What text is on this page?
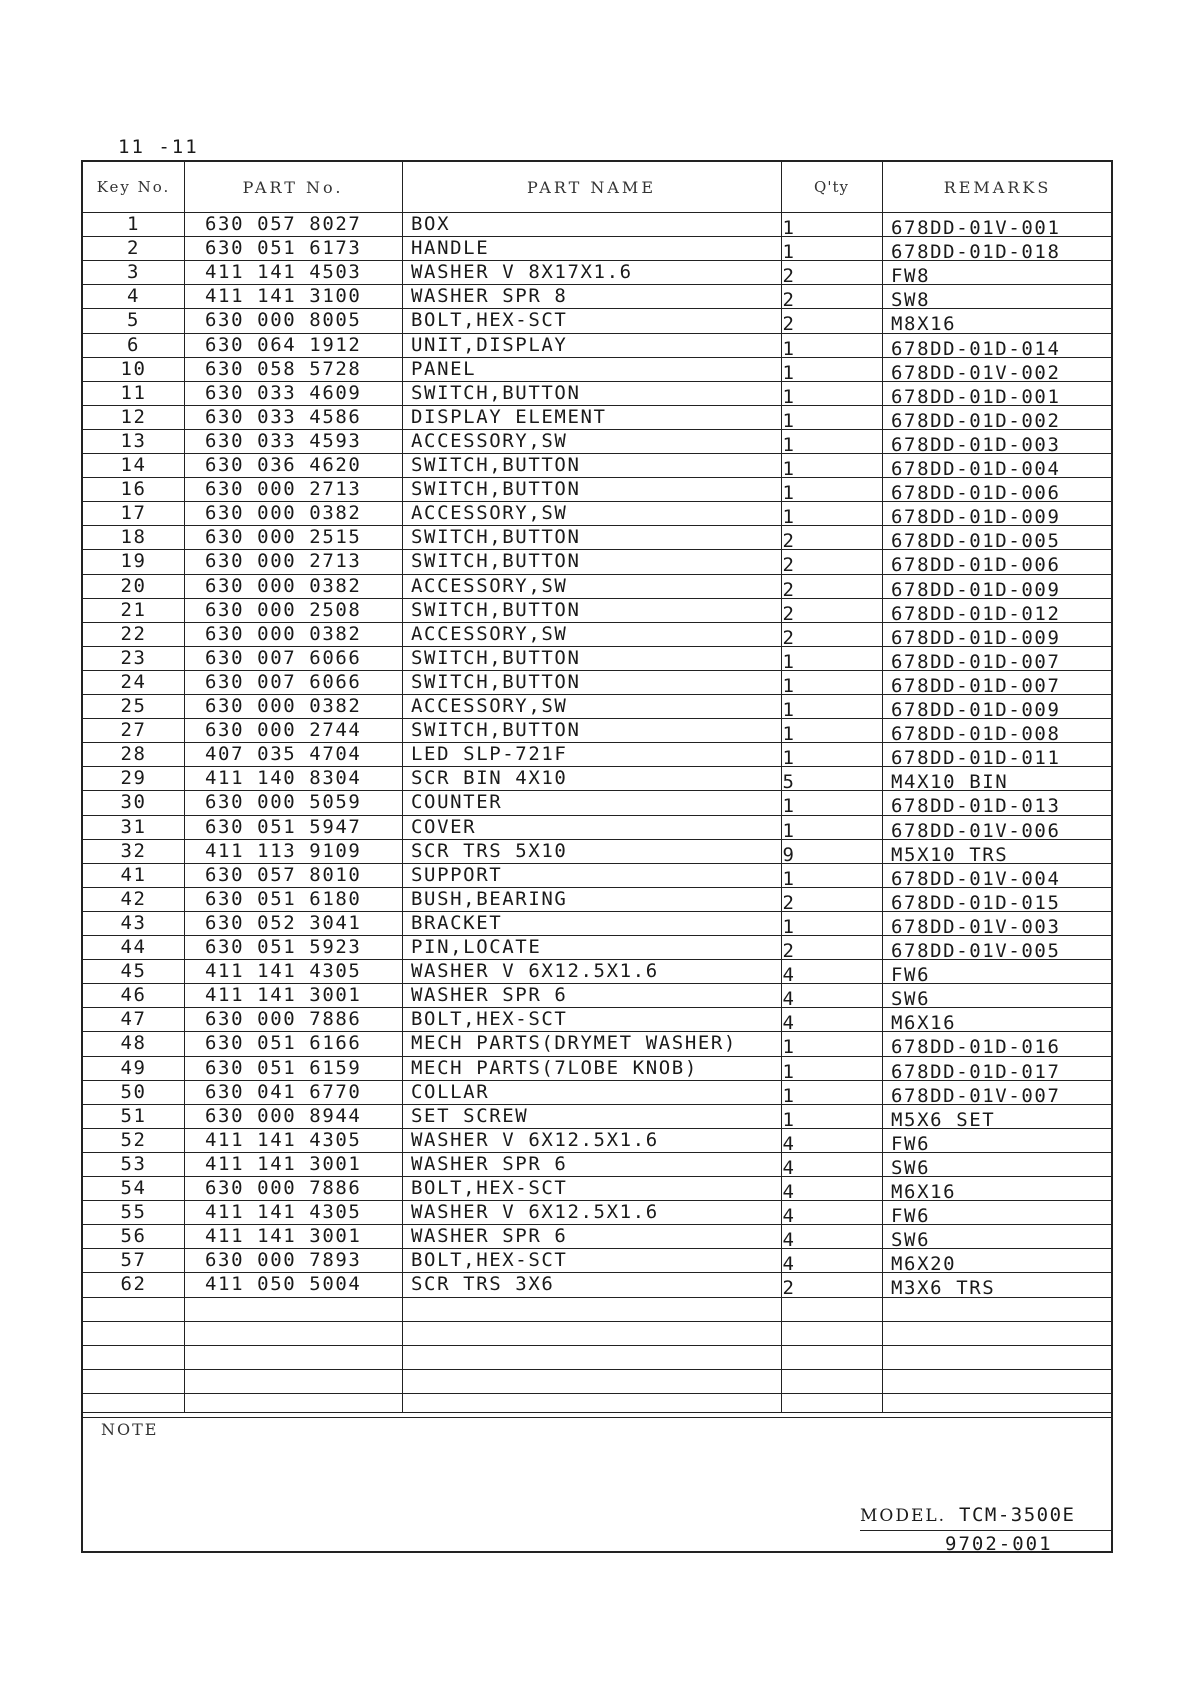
11 -11
Key No.	PART No.	PART NAME	Q'ty	REMARKS
1	630 057 8027	BOX	1	678DD-01V-001
2	630 051 6173	HANDLE	1	678DD-01D-018
3	411 141 4503	WASHER V 8X17X1.6	2	FW8
4	411 141 3100	WASHER SPR 8	2	SW8
5	630 000 8005	BOLT,HEX-SCT	2	M8X16
6	630 064 1912	UNIT,DISPLAY	1	678DD-01D-014
10	630 058 5728	PANEL	1	678DD-01V-002
11	630 033 4609	SWITCH,BUTTON	1	678DD-01D-001
12	630 033 4586	DISPLAY ELEMENT	1	678DD-01D-002
13	630 033 4593	ACCESSORY,SW	1	678DD-01D-003
14	630 036 4620	SWITCH,BUTTON	1	678DD-01D-004
16	630 000 2713	SWITCH,BUTTON	1	678DD-01D-006
17	630 000 0382	ACCESSORY,SW	1	678DD-01D-009
18	630 000 2515	SWITCH,BUTTON	2	678DD-01D-005
19	630 000 2713	SWITCH,BUTTON	2	678DD-01D-006
20	630 000 0382	ACCESSORY,SW	2	678DD-01D-009
21	630 000 2508	SWITCH,BUTTON	2	678DD-01D-012
22	630 000 0382	ACCESSORY,SW	2	678DD-01D-009
23	630 007 6066	SWITCH,BUTTON	1	678DD-01D-007
24	630 007 6066	SWITCH,BUTTON	1	678DD-01D-007
25	630 000 0382	ACCESSORY,SW	1	678DD-01D-009
27	630 000 2744	SWITCH,BUTTON	1	678DD-01D-008
28	407 035 4704	LED SLP-721F	1	678DD-01D-011
29	411 140 8304	SCR BIN 4X10	5	M4X10 BIN
30	630 000 5059	COUNTER	1	678DD-01D-013
31	630 051 5947	COVER	1	678DD-01V-006
32	411 113 9109	SCR TRS 5X10	9	M5X10 TRS
41	630 057 8010	SUPPORT	1	678DD-01V-004
42	630 051 6180	BUSH,BEARING	2	678DD-01D-015
43	630 052 3041	BRACKET	1	678DD-01V-003
44	630 051 5923	PIN,LOCATE	2	678DD-01V-005
45	411 141 4305	WASHER V 6X12.5X1.6	4	FW6
46	411 141 3001	WASHER SPR 6	4	SW6
47	630 000 7886	BOLT,HEX-SCT	4	M6X16
48	630 051 6166	MECH PARTS(DRYMET WASHER)	1	678DD-01D-016
49	630 051 6159	MECH PARTS(7LOBE KNOB)	1	678DD-01D-017
50	630 041 6770	COLLAR	1	678DD-01V-007
51	630 000 8944	SET SCREW	1	M5X6 SET
52	411 141 4305	WASHER V 6X12.5X1.6	4	FW6
53	411 141 3001	WASHER SPR 6	4	SW6
54	630 000 7886	BOLT,HEX-SCT	4	M6X16
55	411 141 4305	WASHER V 6X12.5X1.6	4	FW6
56	411 141 3001	WASHER SPR 6	4	SW6
57	630 000 7893	BOLT,HEX-SCT	4	M6X20
62	411 050 5004	SCR TRS 3X6	2	M3X6 TRS
NOTE
MODEL. TCM-3500E
9702-001
